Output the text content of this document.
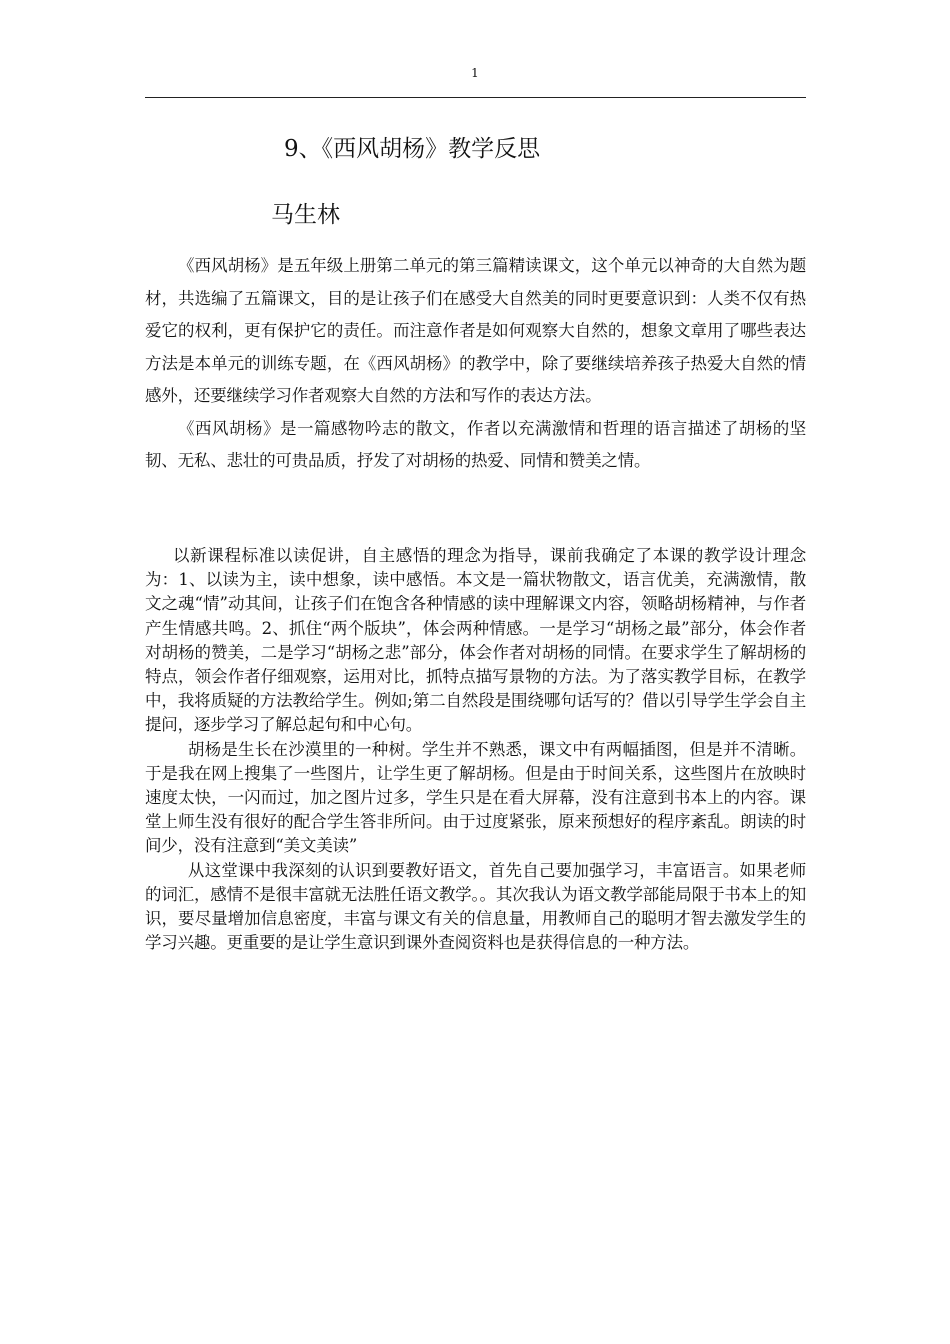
1
9、《西风胡杨》教学反思
马生林

《西风胡杨》是五年级上册第二单元的第三篇精读课文，这个单元以神奇的大自然为题材，共选编了五篇课文，目的是让孩子们在感受大自然美的同时更要意识到：人类不仅有热爱它的权利，更有保护它的责任。而注意作者是如何观察大自然的，想象文章用了哪些表达方法是本单元的训练专题，在《西风胡杨》的教学中，除了要继续培养孩子热爱大自然的情感外，还要继续学习作者观察大自然的方法和写作的表达方法。

《西风胡杨》是一篇感物吟志的散文，作者以充满激情和哲理的语言描述了胡杨的坚韧、无私、悲壮的可贵品质，抒发了对胡杨的热爱、同情和赞美之情。

以新课程标准以读促讲，自主感悟的理念为指导，课前我确定了本课的教学设计理念为：1、以读为主，读中想象，读中感悟。本文是一篇状物散文，语言优美，充满激情，散文之魂“情”动其间，让孩子们在饱含各种情感的读中理解课文内容，领略胡杨精神，与作者产生情感共鸣。2、抓住“两个版块”，体会两种情感。一是学习“胡杨之最”部分，体会作者对胡杨的赞美，二是学习“胡杨之悲”部分，体会作者对胡杨的同情。在要求学生了解胡杨的特点，领会作者仔细观察，运用对比，抓特点描写景物的方法。为了落实教学目标，在教学中，我将质疑的方法教给学生。例如;第二自然段是围绕哪句话写的？借以引导学生学会自主提问，逐步学习了解总起句和中心句。

胡杨是生长在沙漠里的一种树。学生并不熟悉，课文中有两幅插图，但是并不清晰。于是我在网上搜集了一些图片，让学生更了解胡杨。但是由于时间关系，这些图片在放映时速度太快，一闪而过，加之图片过多，学生只是在看大屏幕，没有注意到书本上的内容。课堂上师生没有很好的配合学生答非所问。由于过度紧张，原来预想好的程序紊乱。朗读的时间少，没有注意到“美文美读”

从这堂课中我深刻的认识到要教好语文，首先自己要加强学习，丰富语言。如果老师的词汇，感情不是很丰富就无法胜任语文教学。。其次我认为语文教学部能局限于书本上的知识，要尽量增加信息密度，丰富与课文有关的信息量，用教师自己的聪明才智去激发学生的学习兴趣。更重要的是让学生意识到课外查阅资料也是获得信息的一种方法。
